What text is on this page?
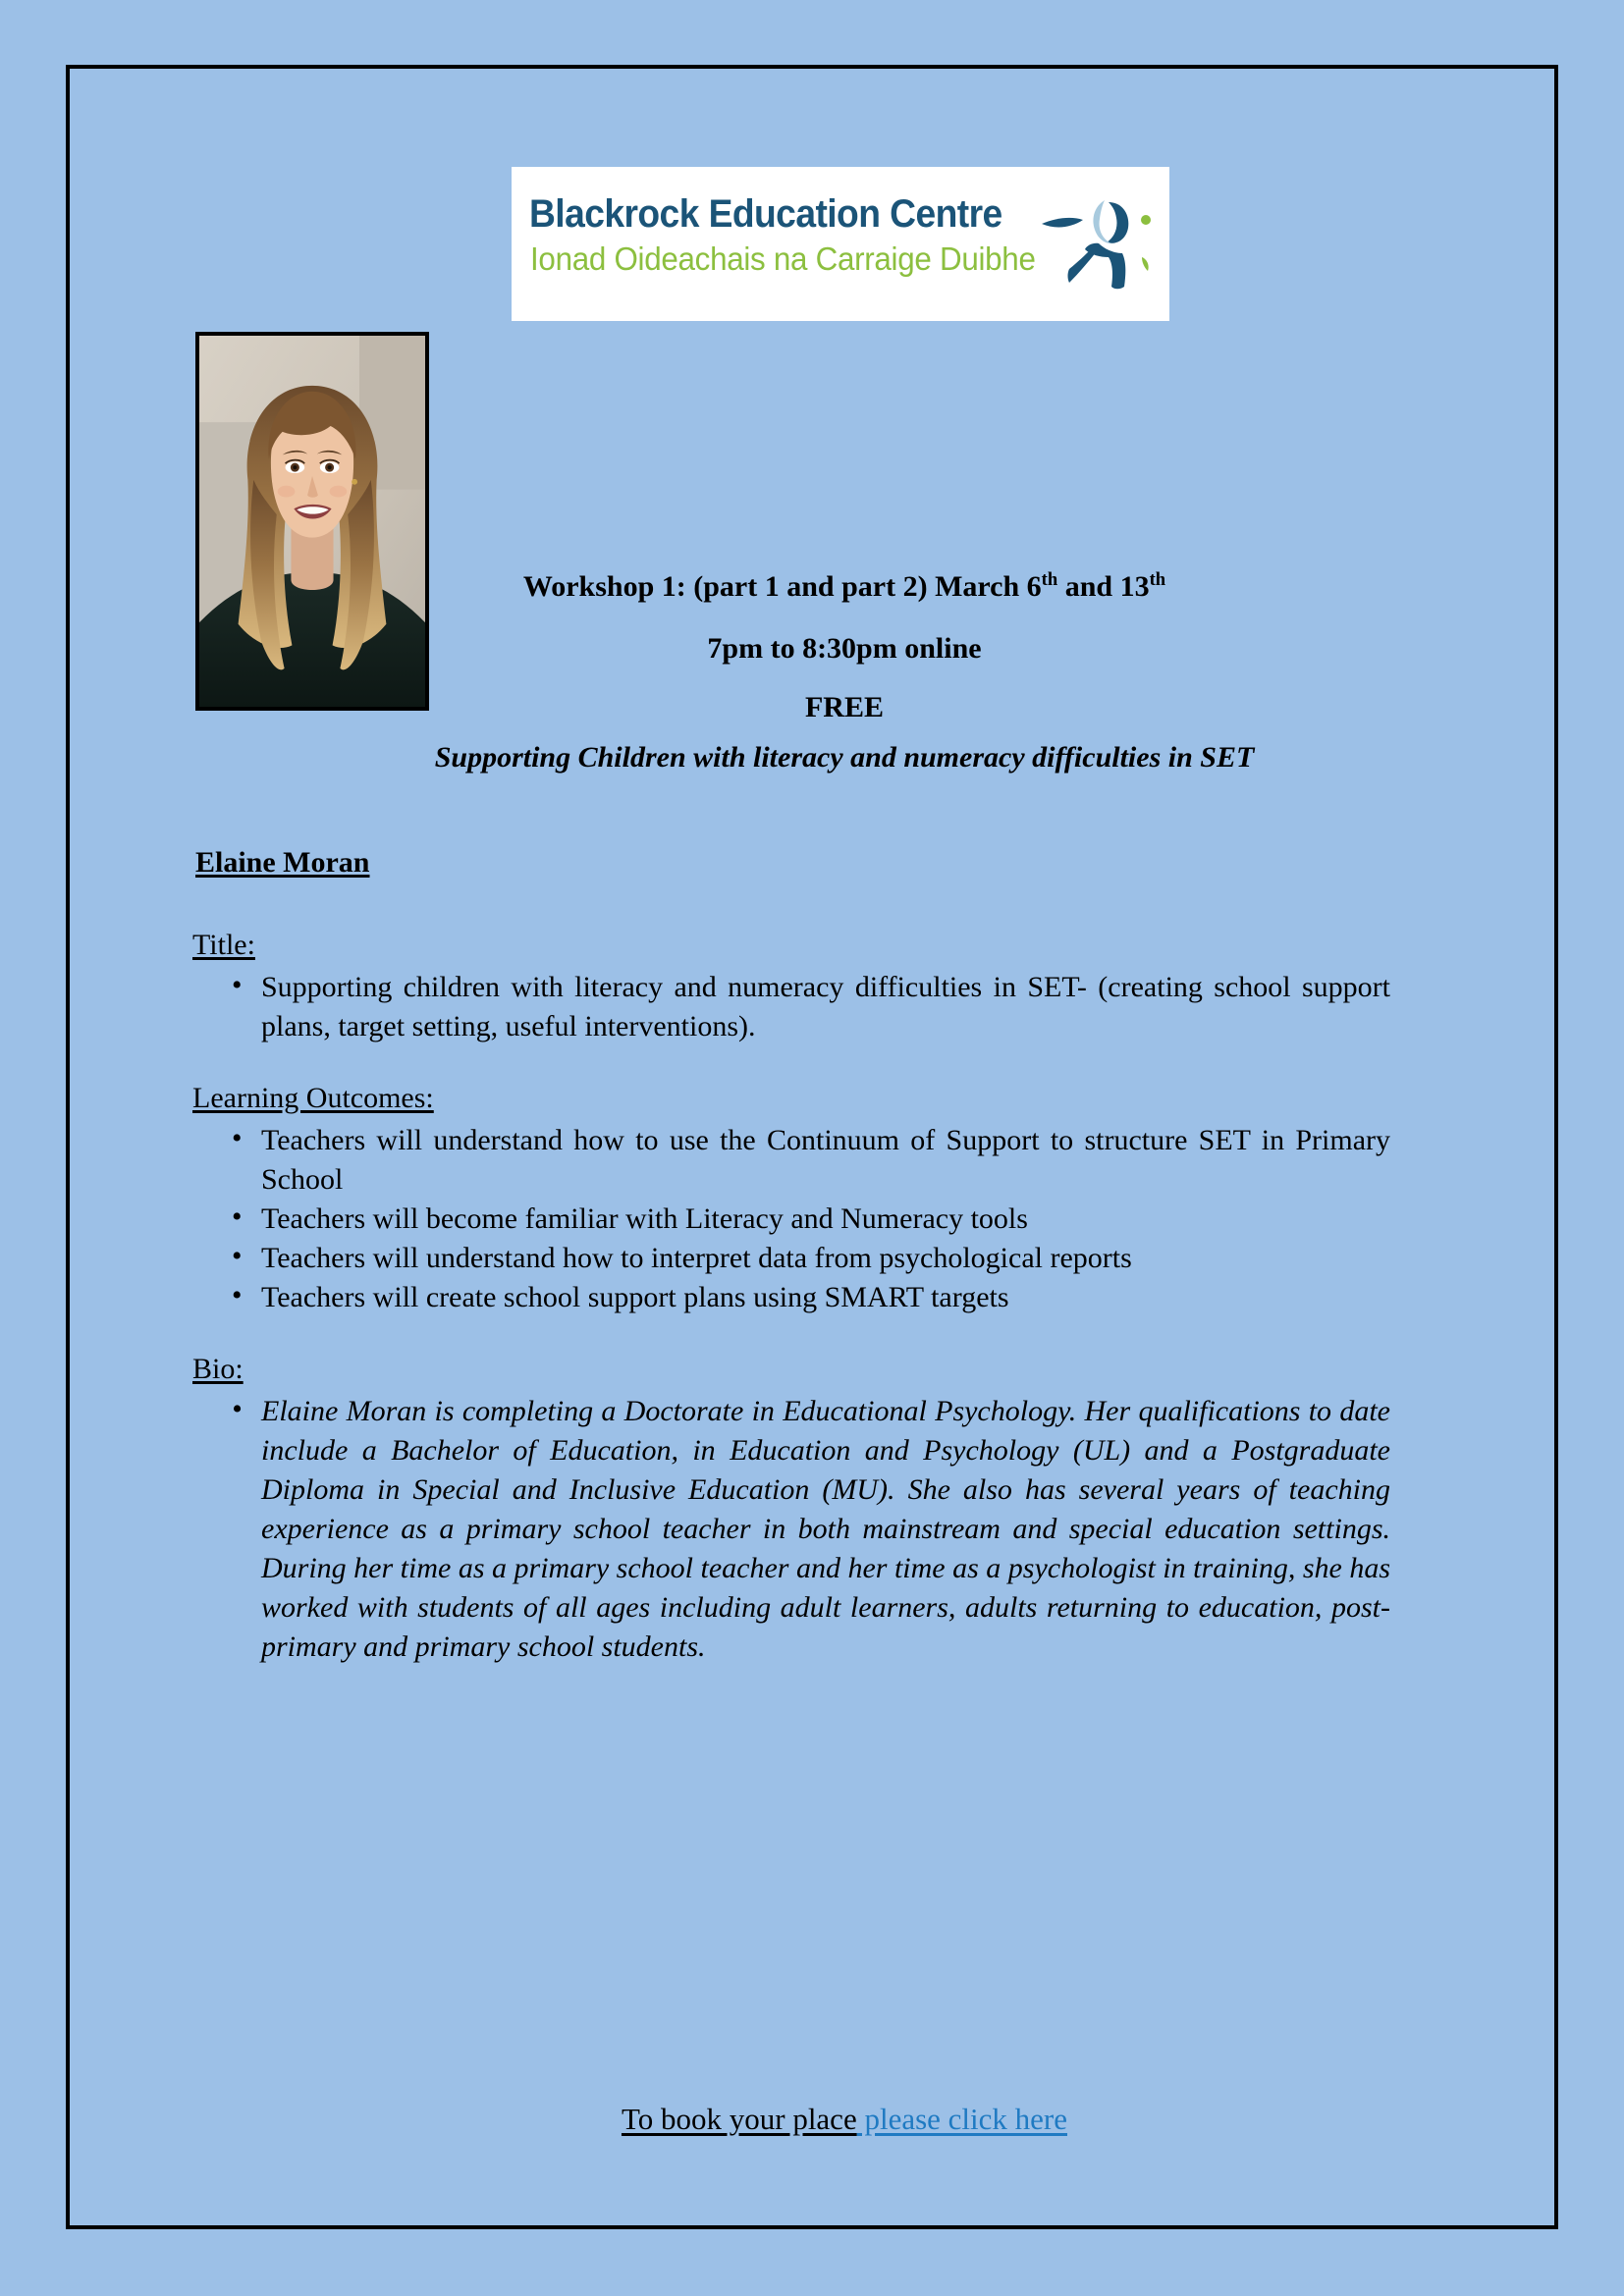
Blackrock Education Centre
Ionad Oideachais na Carraige Duibhe
Workshop 1: (part 1 and part 2) March 6th and 13th
7pm to 8:30pm online
FREE
Supporting Children with literacy and numeracy difficulties in SET
Elaine Moran
Title:
• Supporting children with literacy and numeracy difficulties in SET- (creating school support plans, target setting, useful interventions).
Learning Outcomes:
• Teachers will understand how to use the Continuum of Support to structure SET in Primary School
• Teachers will become familiar with Literacy and Numeracy tools
• Teachers will understand how to interpret data from psychological reports
• Teachers will create school support plans using SMART targets
Bio:
• Elaine Moran is completing a Doctorate in Educational Psychology. Her qualifications to date include a Bachelor of Education, in Education and Psychology (UL) and a Postgraduate Diploma in Special and Inclusive Education (MU). She also has several years of teaching experience as a primary school teacher in both mainstream and special education settings. During her time as a primary school teacher and her time as a psychologist in training, she has worked with students of all ages including adult learners, adults returning to education, post-primary and primary school students.
To book your place please click here
